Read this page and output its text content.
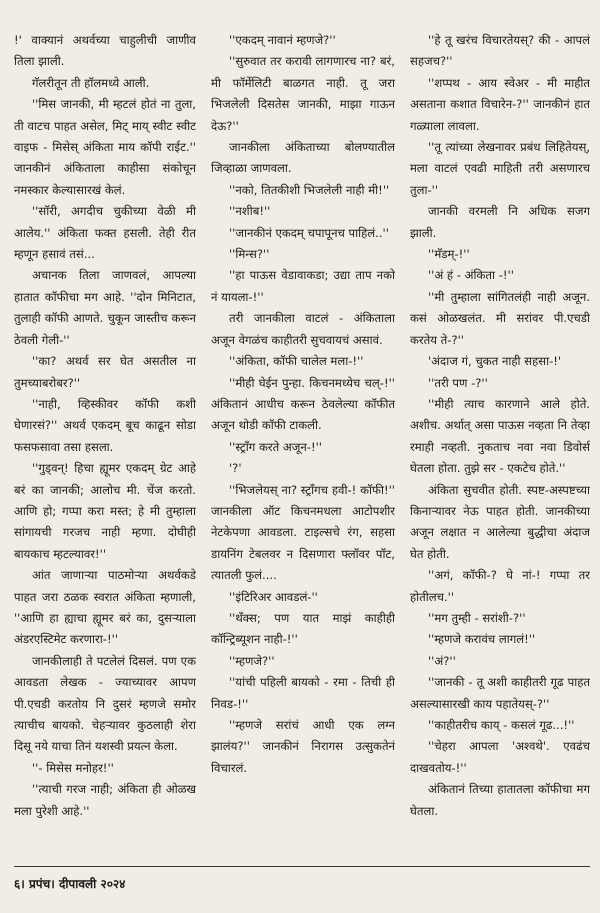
!' वाक्यानं अथर्वच्या चाहुलीची जाणीव तिला झाली.

गॅलरीतून ती हॉलमध्ये आली.

''मिस जानकी, मी म्हटलं होतं ना तुला, ती वाटच पाहत असेल, मिट् माय् स्वीट स्वीट वाइफ - मिसेस् अंकिता माय कॉपी राईट.'' जानकीनं अंकिताला काहीसा संकोचून नमस्कार केल्यासारखं केलं.

''सॉरी, अगदीच चुकीच्या वेळी मी आलेय.'' अंकिता फक्त हसली. तेही रीत म्हणून हसावं तसं...

अचानक तिला जाणवलं, आपल्या हातात कॉफीचा मग आहे. ''दोन मिनिटात, तुलाही कॉफी आणते. चुकून जास्तीच करून ठेवली गेली-''

''का? अथर्व सर घेत असतील ना तुमच्याबरोबर?''

''नाही, व्हिस्कीवर कॉफी कशी घेणारसं?'' अथर्व एकदम् बूच काढून सोडा फसफसावा तसा हसला.

''गुड्वन्! हिचा ह्यूमर एकदम् ग्रेट आहे बरं का जानकी; आलोच मी. चेंज करतो. आणि हो; गप्पा करा मस्त; हे मी तुम्हाला सांगायची गरजच नाही म्हणा. दोघीही बायकाच म्हटल्यावर!''

आंत जाणाऱ्या पाठमोऱ्या अथर्वकडे पाहत जरा ठळक स्वरात अंकिता म्हणाली, ''आणि हा ह्याचा ह्यूमर बरं का, दुसऱ्याला अंडरएस्टिमेट करणारा-!''

जानकीलाही ते पटलेलं दिसलं. पण एक आवडता लेखक - ज्याच्यावर आपण पी.एचडी करतोय नि दुसरं म्हणजे समोर त्याचीच बायको. चेहऱ्यावर कुठलाही शेरा दिसू नये याचा तिनं यशस्वी प्रयत्न केला.

''- मिसेस मनोहर!''

''त्याची गरज नाही; अंकिता ही ओळख मला पुरेशी आहे.''

''एकदम् नावानं म्हणजे?''

''सुरुवात तर करावी लागणारच ना? बरं, मी फॉर्मेलिटी बाळगत नाही. तू जरा भिजलेली दिसतेस जानकी, माझा गाऊन देऊ?''

जानकीला अंकिताच्या बोलण्यातील जिव्हाळा जाणवला.

''नको, तितकीशी भिजलेली नाही मी!''

''नशीब!''

''जानकीनं एकदम् चपापूनच पाहिलं..''

''मिन्स?''

''हा पाऊस वेडावाकडा; उद्या ताप नको नं यायला-!''

तरी जानकीला वाटलं - अंकिताला अजून वेगळंच काहीतरी सुचवायचं असावं.

''अंकिता, कॉफी चालेल मला-!''

''मीही घेईन पुन्हा. किचनमध्येच चल्-!'' अंकितानं आधीच करून ठेवलेल्या कॉफीत अजून थोडी कॉफी टाकली.

''स्ट्रॉंग करते अजून-!''

'?'

''भिजलेयस् ना? स्ट्रॉंगच हवी-! कॉफी!'' जानकीला ऑट किचनमधला आटोपशीर नेटकेपणा आवडला. टाइल्सचे रंग, सहसा डायनिंग टेबलवर न दिसणारा फ्लॉवर पॉट, त्यातली फुलं....

''इंटिरिअर आवडलं-''

''थँक्स; पण यात माझं काहीही कॉन्ट्रिब्यूशन नाही-!''

''म्हणजे?''

''यांची पहिली बायको - रमा - तिची ही निवड-!''

''म्हणजे सरांचं आधी एक लग्न झालंय?'' जानकीनं निरागस उत्सुकतेनं विचारलं.

''हे तू खरंच विचारतेयस्? की - आपलं सहजच?''

''शप्पथ - आय स्वेअर - मी माहीत असताना कशात विचारेन-?'' जानकीनं हात गळ्याला लावला.

''तू त्यांच्या लेखनावर प्रबंध लिहितेयस्, मला वाटलं एवढी माहिती तरी असणारच तुला-''

जानकी वरमली नि अधिक सजग झाली.

''मॅडम्-!''

''अं हं - अंकिता -!''

''मी तुम्हाला सांगितलंही नाही अजून. कसं ओळखलंत. मी सरांवर पी.एचडी करतेय ते-?''

'अंदाज गं, चुकत नाही सहसा-!'

''तरी पण -?''

''मीही त्याच कारणाने आले होते. अशीच. अर्थात् असा पाऊस नव्हता नि तेव्हा रमाही नव्हती. नुकताच नवा नवा डिवोर्स घेतला होता. तुझे सर - एकटेच होते.''

अंकिता सुचवीत होती. स्पष्ट-अस्पष्टच्या किनाऱ्यावर नेऊ पाहत होती. जानकीच्या अजून लक्षात न आलेल्या बुद्धीचा अंदाज घेत होती.

''अगं, कॉफी-? घे नां-! गप्पा तर होतीलच.''

''मग तुम्ही - सरांशी-?''

''म्हणजे करावंच लागलं!''

''अं?''

''जानकी - तू अशी काहीतरी गूढ पाहत असल्यासारखी काय पहातेयस्-?''

''काहीतरीच काय् - कसलं गूढ...!''

''चेहरा आपला 'अश्वथे'. एवढंच दाखवतोय-!''

अंकितानं तिच्या हातातला कॉफीचा मग घेतला.

६। प्रपंच। दीपावली २०२४
